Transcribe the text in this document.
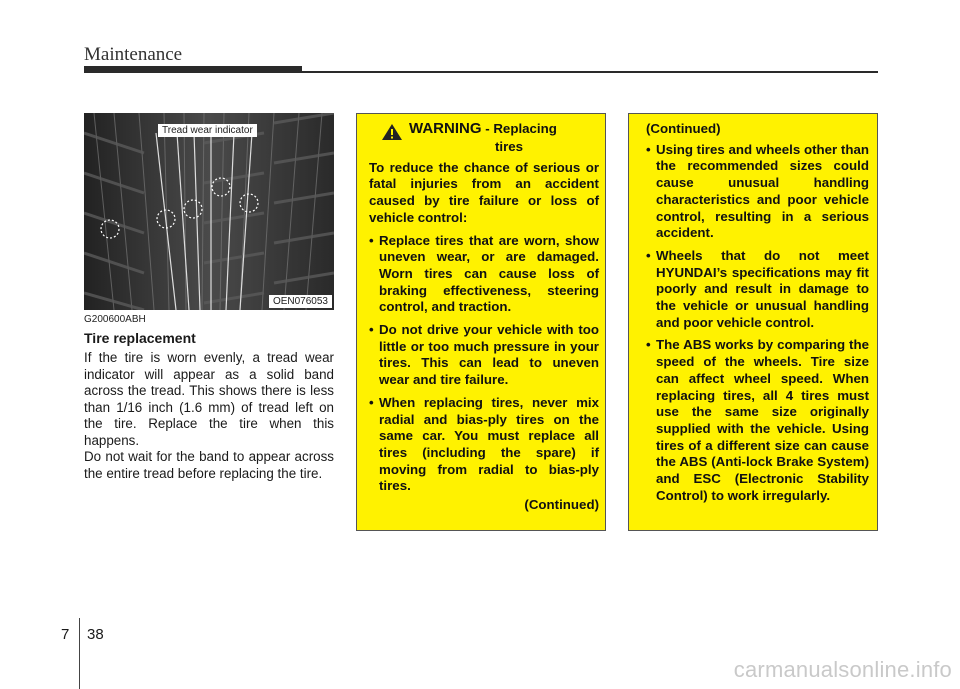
Maintenance
Tread wear indicator
OEN076053
G200600ABH
Tire replacement

If the tire is worn evenly, a tread wear indicator will appear as a solid band across the tread. This shows there is less than 1/16 inch (1.6 mm) of tread left on the tire. Replace the tire when this happens.

Do not wait for the band to appear across the entire tread before replacing the tire.

WARNING - Replacing
tires

To reduce the chance of serious or fatal injuries from an accident caused by tire failure or loss of vehicle control:

• Replace tires that are worn, show uneven wear, or are damaged. Worn tires can cause loss of braking effectiveness, steering control, and traction.
• Do not drive your vehicle with too little or too much pressure in your tires. This can lead to uneven wear and tire failure.
• When replacing tires, never mix radial and bias-ply tires on the same car. You must replace all tires (including the spare) if moving from radial to bias-ply tires.
(Continued)

(Continued)

• Using tires and wheels other than the recommended sizes could cause unusual handling characteristics and poor vehicle control, resulting in a serious accident.
• Wheels that do not meet HYUNDAI’s specifications may fit poorly and result in damage to the vehicle or unusual handling and poor vehicle control.
• The ABS works by comparing the speed of the wheels. Tire size can affect wheel speed. When replacing tires, all 4 tires must use the same size originally supplied with the vehicle. Using tires of a different size can cause the ABS (Anti-lock Brake System) and ESC (Electronic Stability Control) to work irregularly.
7 38
carmanualsonline.info
